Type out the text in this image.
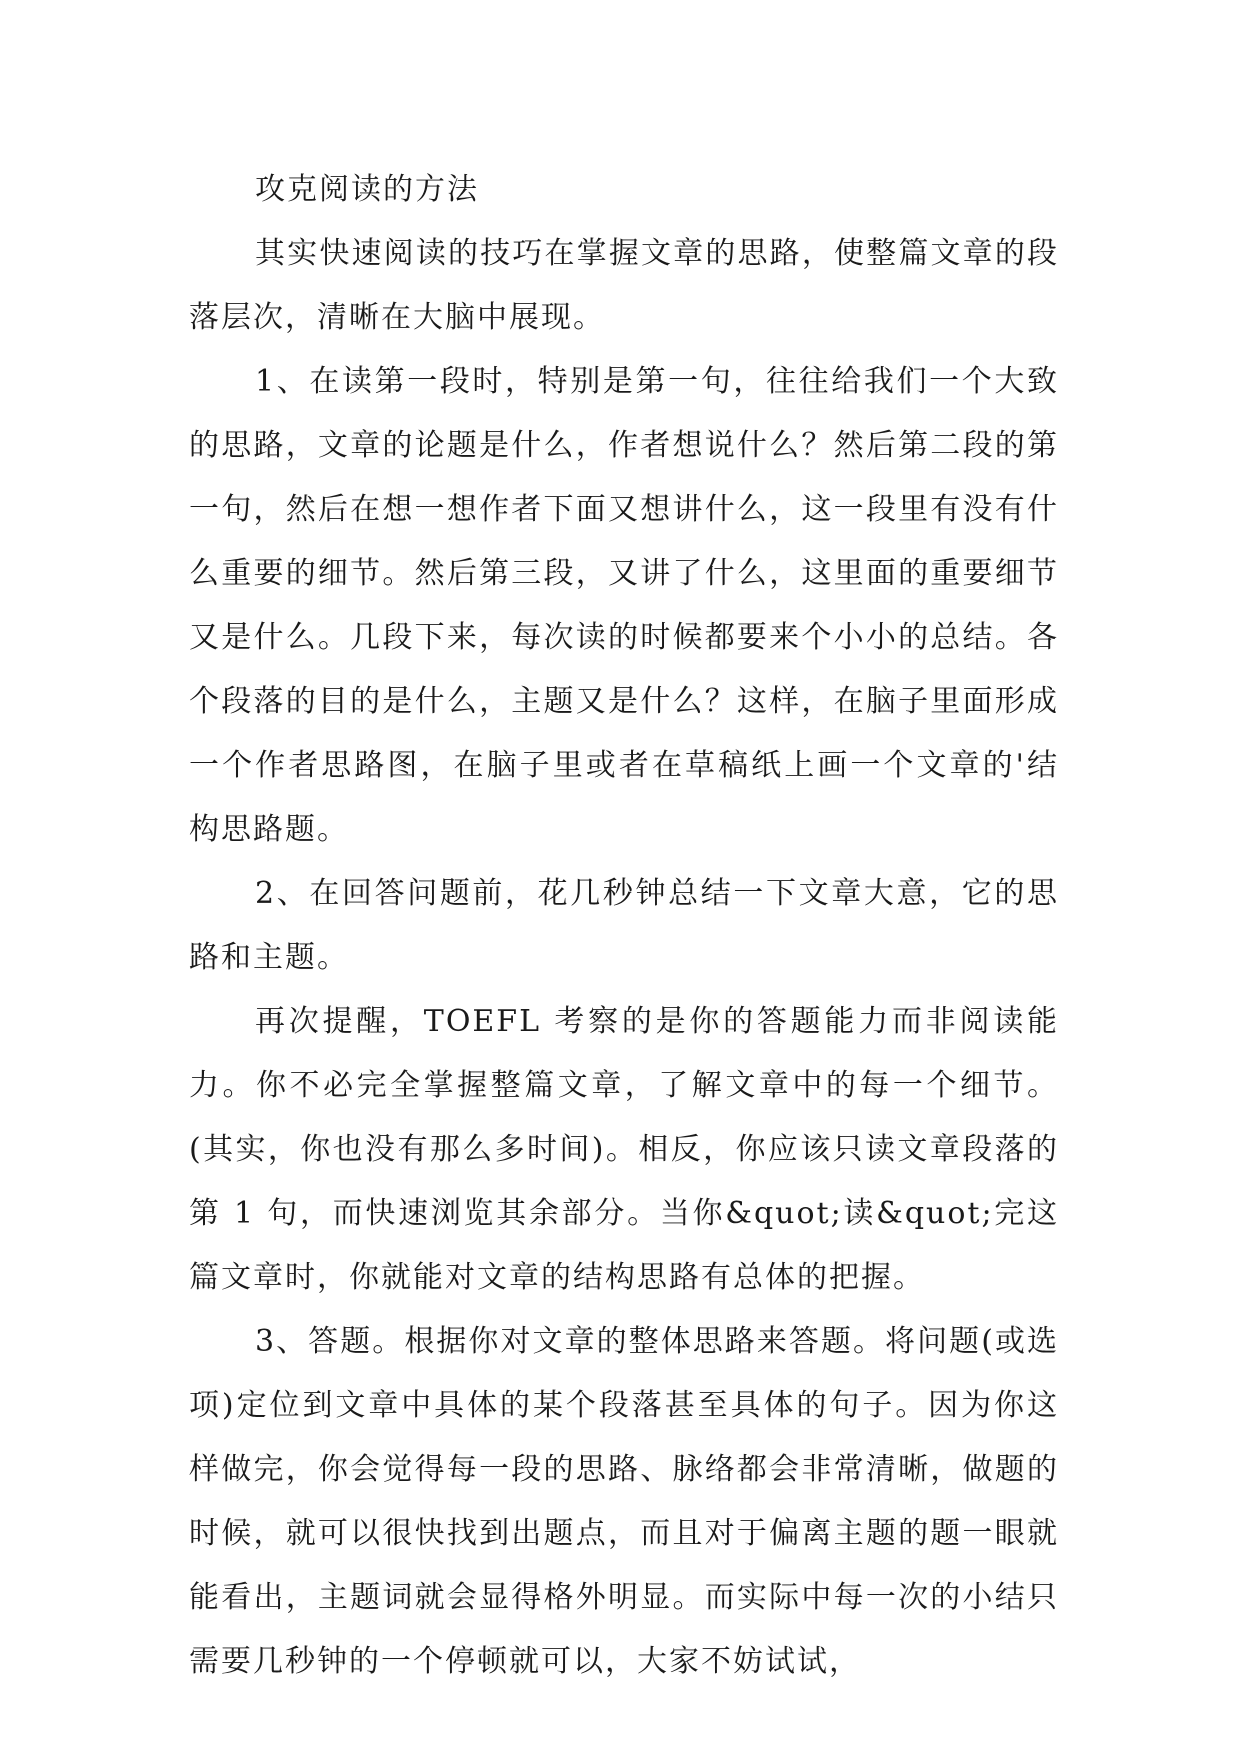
攻克阅读的方法

其实快速阅读的技巧在掌握文章的思路，使整篇文章的段落层次，清晰在大脑中展现。

1、在读第一段时，特别是第一句，往往给我们一个大致的思路，文章的论题是什么，作者想说什么？然后第二段的第一句，然后在想一想作者下面又想讲什么，这一段里有没有什么重要的细节。然后第三段，又讲了什么，这里面的重要细节又是什么。几段下来，每次读的时候都要来个小小的总结。各个段落的目的是什么，主题又是什么？这样，在脑子里面形成一个作者思路图，在脑子里或者在草稿纸上画一个文章的'结构思路题。

2、在回答问题前，花几秒钟总结一下文章大意，它的思路和主题。

再次提醒，TOEFL 考察的是你的答题能力而非阅读能力。你不必完全掌握整篇文章，了解文章中的每一个细节。(其实，你也没有那么多时间)。相反，你应该只读文章段落的第 1 句，而快速浏览其余部分。当你&quot;读&quot;完这篇文章时，你就能对文章的结构思路有总体的把握。

3、答题。根据你对文章的整体思路来答题。将问题(或选项)定位到文章中具体的某个段落甚至具体的句子。因为你这样做完，你会觉得每一段的思路、脉络都会非常清晰，做题的时候，就可以很快找到出题点，而且对于偏离主题的题一眼就能看出，主题词就会显得格外明显。而实际中每一次的小结只需要几秒钟的一个停顿就可以，大家不妨试试，
